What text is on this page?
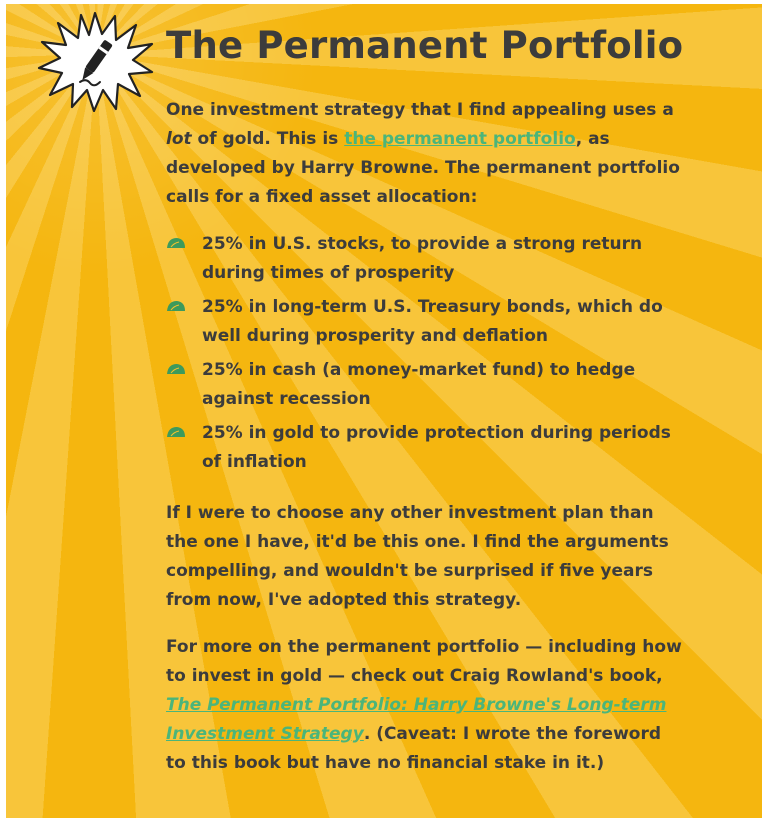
The Permanent Portfolio

One investment strategy that I find appealing uses a lot of gold. This is the permanent portfolio, as developed by Harry Browne. The permanent portfolio calls for a fixed asset allocation:

25% in U.S. stocks, to provide a strong return during times of prosperity
25% in long-term U.S. Treasury bonds, which do well during prosperity and deflation
25% in cash (a money-market fund) to hedge against recession
25% in gold to provide protection during periods of inflation

If I were to choose any other investment plan than the one I have, it'd be this one. I find the arguments compelling, and wouldn't be surprised if five years from now, I've adopted this strategy.

For more on the permanent portfolio — including how to invest in gold — check out Craig Rowland's book, The Permanent Portfolio: Harry Browne's Long-term Investment Strategy. (Caveat: I wrote the foreword to this book but have no financial stake in it.)
